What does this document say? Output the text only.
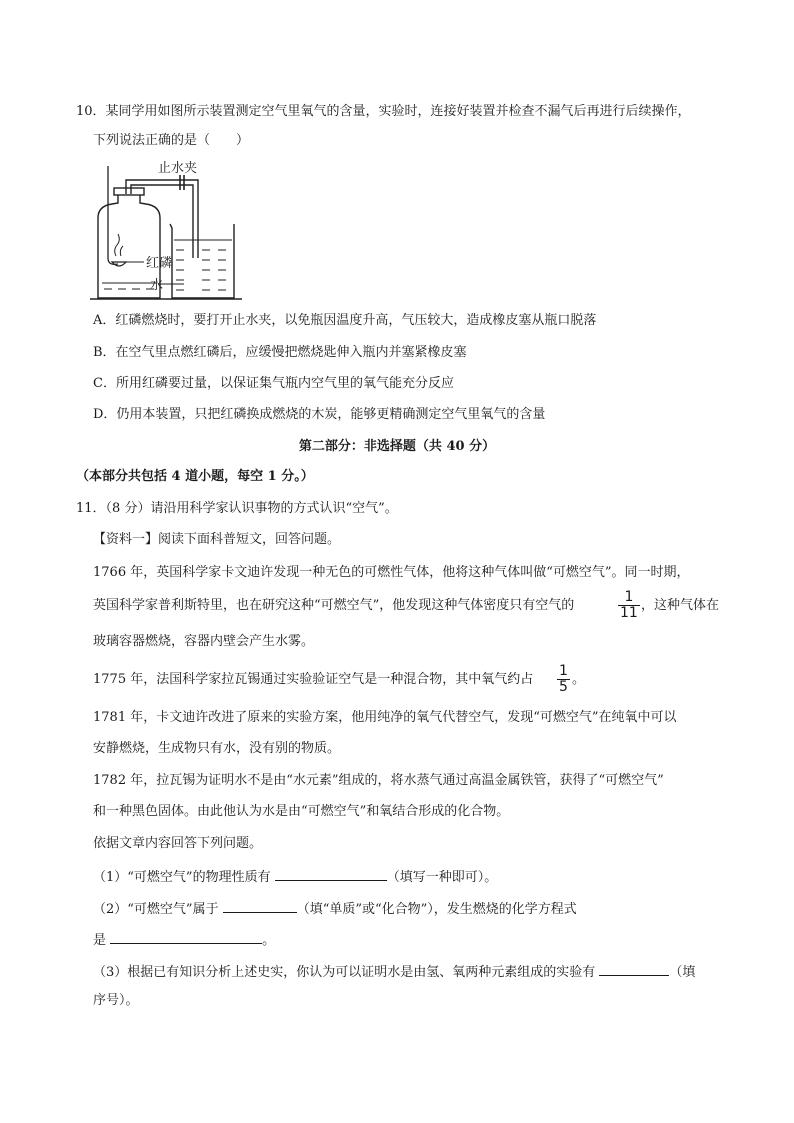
10．某同学用如图所示装置测定空气里氧气的含量，实验时，连接好装置并检查不漏气后再进行后续操作，
下列说法正确的是（　　）
止水夹
红磷
水
A．红磷燃烧时，要打开止水夹，以免瓶因温度升高，气压较大，造成橡皮塞从瓶口脱落
B．在空气里点燃红磷后，应缓慢把燃烧匙伸入瓶内并塞紧橡皮塞
C．所用红磷要过量，以保证集气瓶内空气里的氧气能充分反应
D．仍用本装置，只把红磷换成燃烧的木炭，能够更精确测定空气里氧气的含量
第二部分：非选择题（共 40 分）
（本部分共包括 4 道小题，每空 1 分。）
11．（8 分）请沿用科学家认识事物的方式认识“空气”。
【资料一】阅读下面科普短文，回答问题。
1766 年，英国科学家卡文迪许发现一种无色的可燃性气体，他将这种气体叫做“可燃空气”。同一时期，
英国科学家普利斯特里，也在研究这种“可燃空气”，他发现这种气体密度只有空气的	$\frac{1}{11}$ ，这种气体在
玻璃容器燃烧，容器内壁会产生水雾。
1775 年，法国科学家拉瓦锡通过实验验证空气是一种混合物，其中氧气约占 $\frac{1}{5}$ 。
1781 年，卡文迪许改进了原来的实验方案，他用纯净的氧气代替空气，发现“可燃空气”在纯氧中可以
安静燃烧，生成物只有水，没有别的物质。
1782 年，拉瓦锡为证明水不是由“水元素”组成的，将水蒸气通过高温金属铁管，获得了“可燃空气”
和一种黑色固体。由此他认为水是由“可燃空气”和氧结合形成的化合物。
依据文章内容回答下列问题。
（1）“可燃空气”的物理性质有	（填写一种即可）。
（2）“可燃空气”属于	（填“单质”或“化合物”），发生燃烧的化学方程式
是	。
（3）根据已有知识分析上述史实，你认为可以证明水是由氢、氧两种元素组成的实验有	（填
序号）。
